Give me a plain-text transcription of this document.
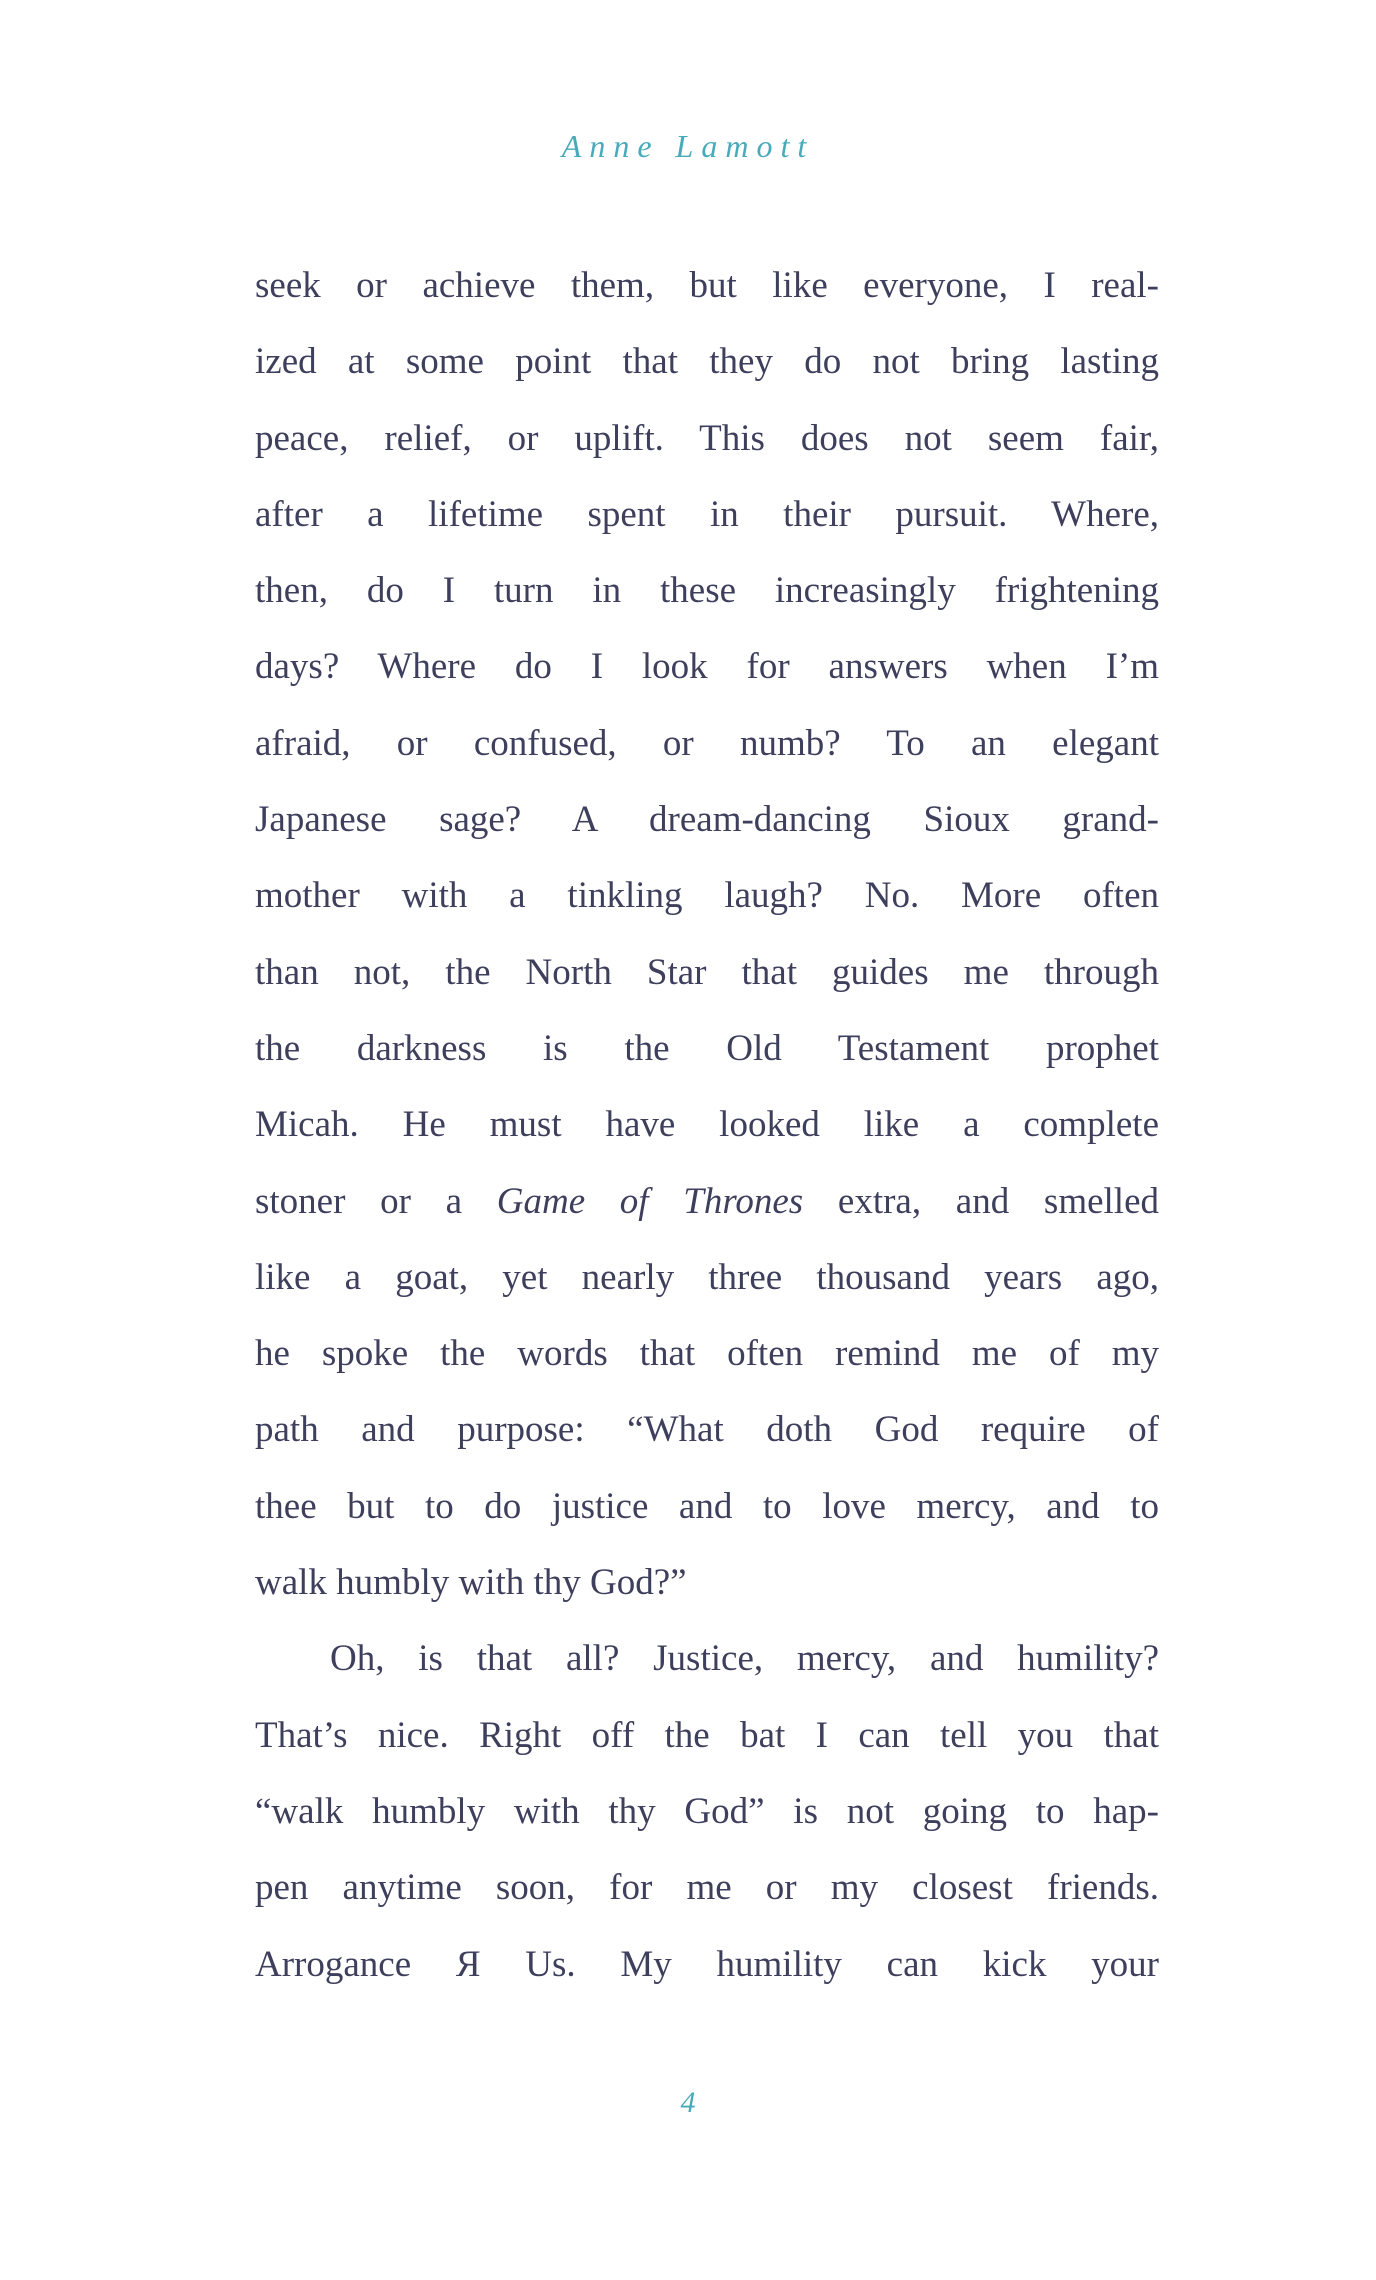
Anne Lamott
seek or achieve them, but like everyone, I real-
ized at some point that they do not bring lasting
peace, relief, or uplift. This does not seem fair,
after a lifetime spent in their pursuit. Where,
then, do I turn in these increasingly frightening
days? Where do I look for answers when I’m
afraid, or confused, or numb? To an elegant
Japanese sage? A dream-dancing Sioux grand-
mother with a tinkling laugh? No. More often
than not, the North Star that guides me through
the darkness is the Old Testament prophet
Micah. He must have looked like a complete
stoner or a Game of Thrones extra, and smelled
like a goat, yet nearly three thousand years ago,
he spoke the words that often remind me of my
path and purpose: “What doth God require of
thee but to do justice and to love mercy, and to
walk humbly with thy God?”
Oh, is that all? Justice, mercy, and humility?
That’s nice. Right off the bat I can tell you that
“walk humbly with thy God” is not going to hap-
pen anytime soon, for me or my closest friends.
Arrogance Я Us. My humility can kick your
4
